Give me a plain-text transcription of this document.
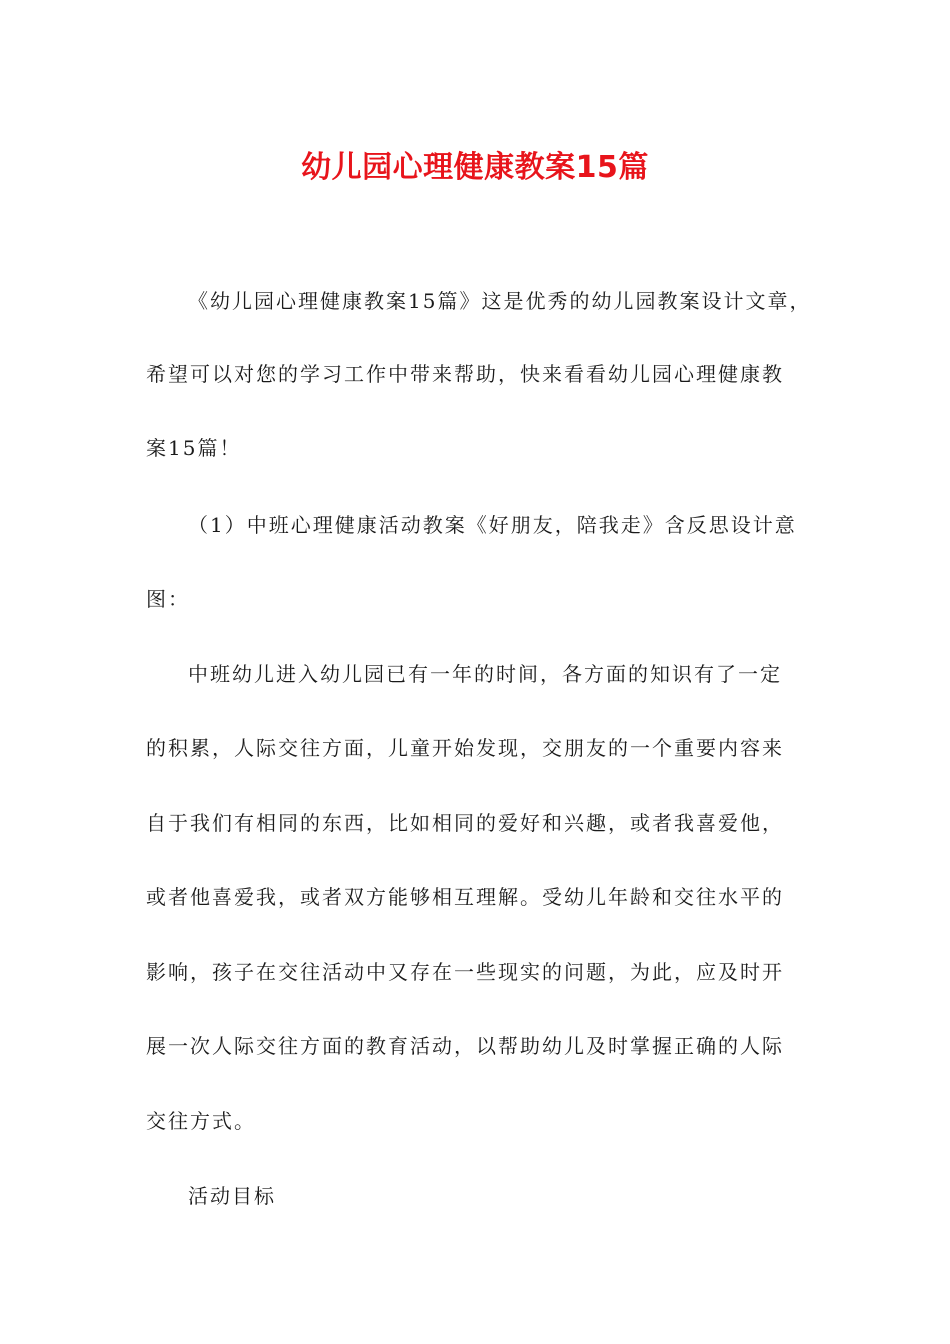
幼儿园心理健康教案15篇
《幼儿园心理健康教案15篇》这是优秀的幼儿园教案设计文章，
希望可以对您的学习工作中带来帮助，快来看看幼儿园心理健康教
案15篇！
（1）中班心理健康活动教案《好朋友，陪我走》含反思设计意
图：
中班幼儿进入幼儿园已有一年的时间，各方面的知识有了一定
的积累，人际交往方面，儿童开始发现，交朋友的一个重要内容来
自于我们有相同的东西，比如相同的爱好和兴趣，或者我喜爱他，
或者他喜爱我，或者双方能够相互理解。受幼儿年龄和交往水平的
影响，孩子在交往活动中又存在一些现实的问题，为此，应及时开
展一次人际交往方面的教育活动，以帮助幼儿及时掌握正确的人际
交往方式。
活动目标
